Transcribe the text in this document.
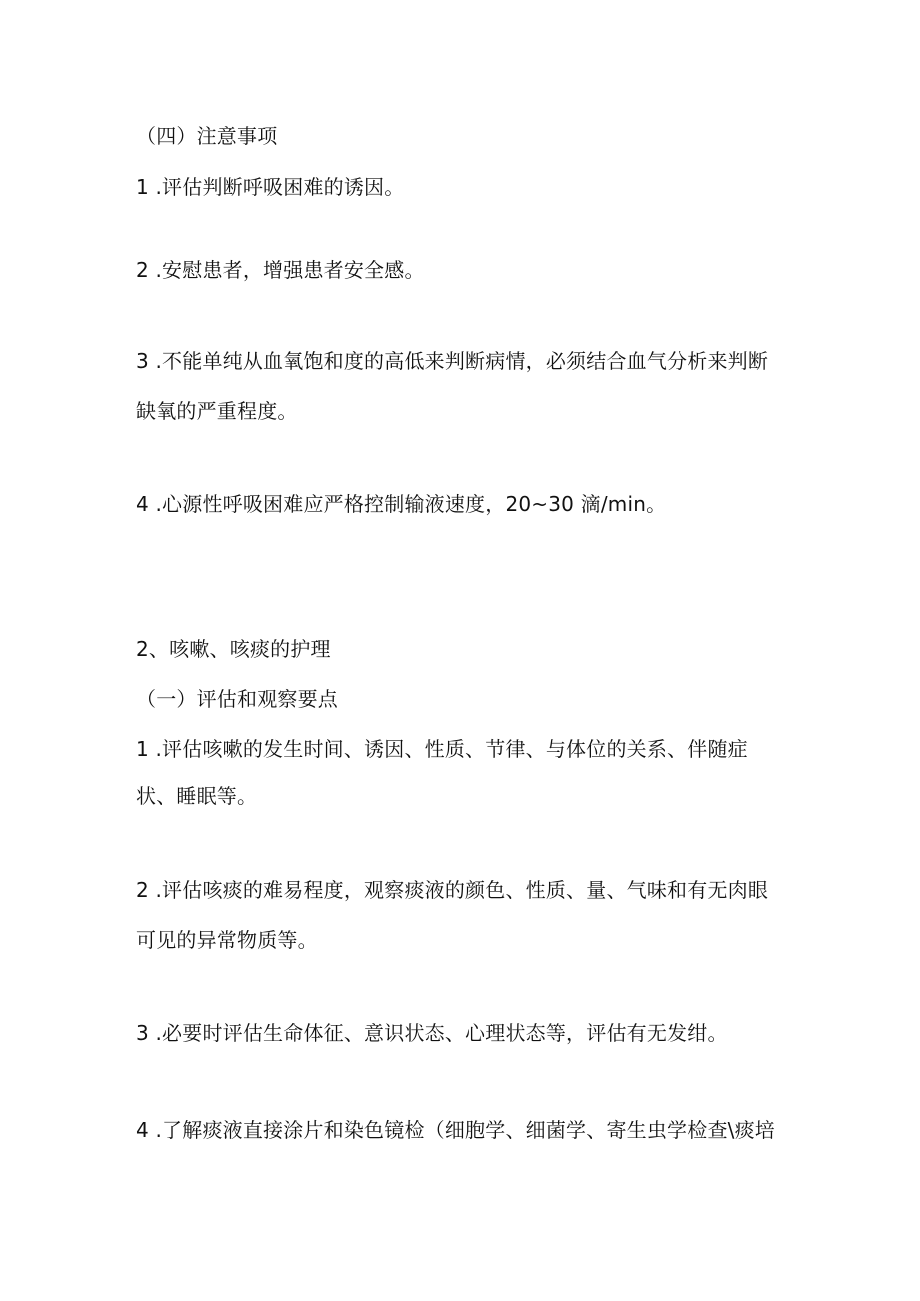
（四）注意事项
1 .评估判断呼吸困难的诱因。
2 .安慰患者，增强患者安全感。
3 .不能单纯从血氧饱和度的高低来判断病情，必须结合血气分析来判断
缺氧的严重程度。
4 .心源性呼吸困难应严格控制输液速度，20~30 滴/min。
2、咳嗽、咳痰的护理
（一）评估和观察要点
1 .评估咳嗽的发生时间、诱因、性质、节律、与体位的关系、伴随症
状、睡眠等。
2 .评估咳痰的难易程度，观察痰液的颜色、性质、量、气味和有无肉眼
可见的异常物质等。
3 .必要时评估生命体征、意识状态、心理状态等，评估有无发绀。
4 .了解痰液直接涂片和染色镜检（细胞学、细菌学、寄生虫学检查\痰培
